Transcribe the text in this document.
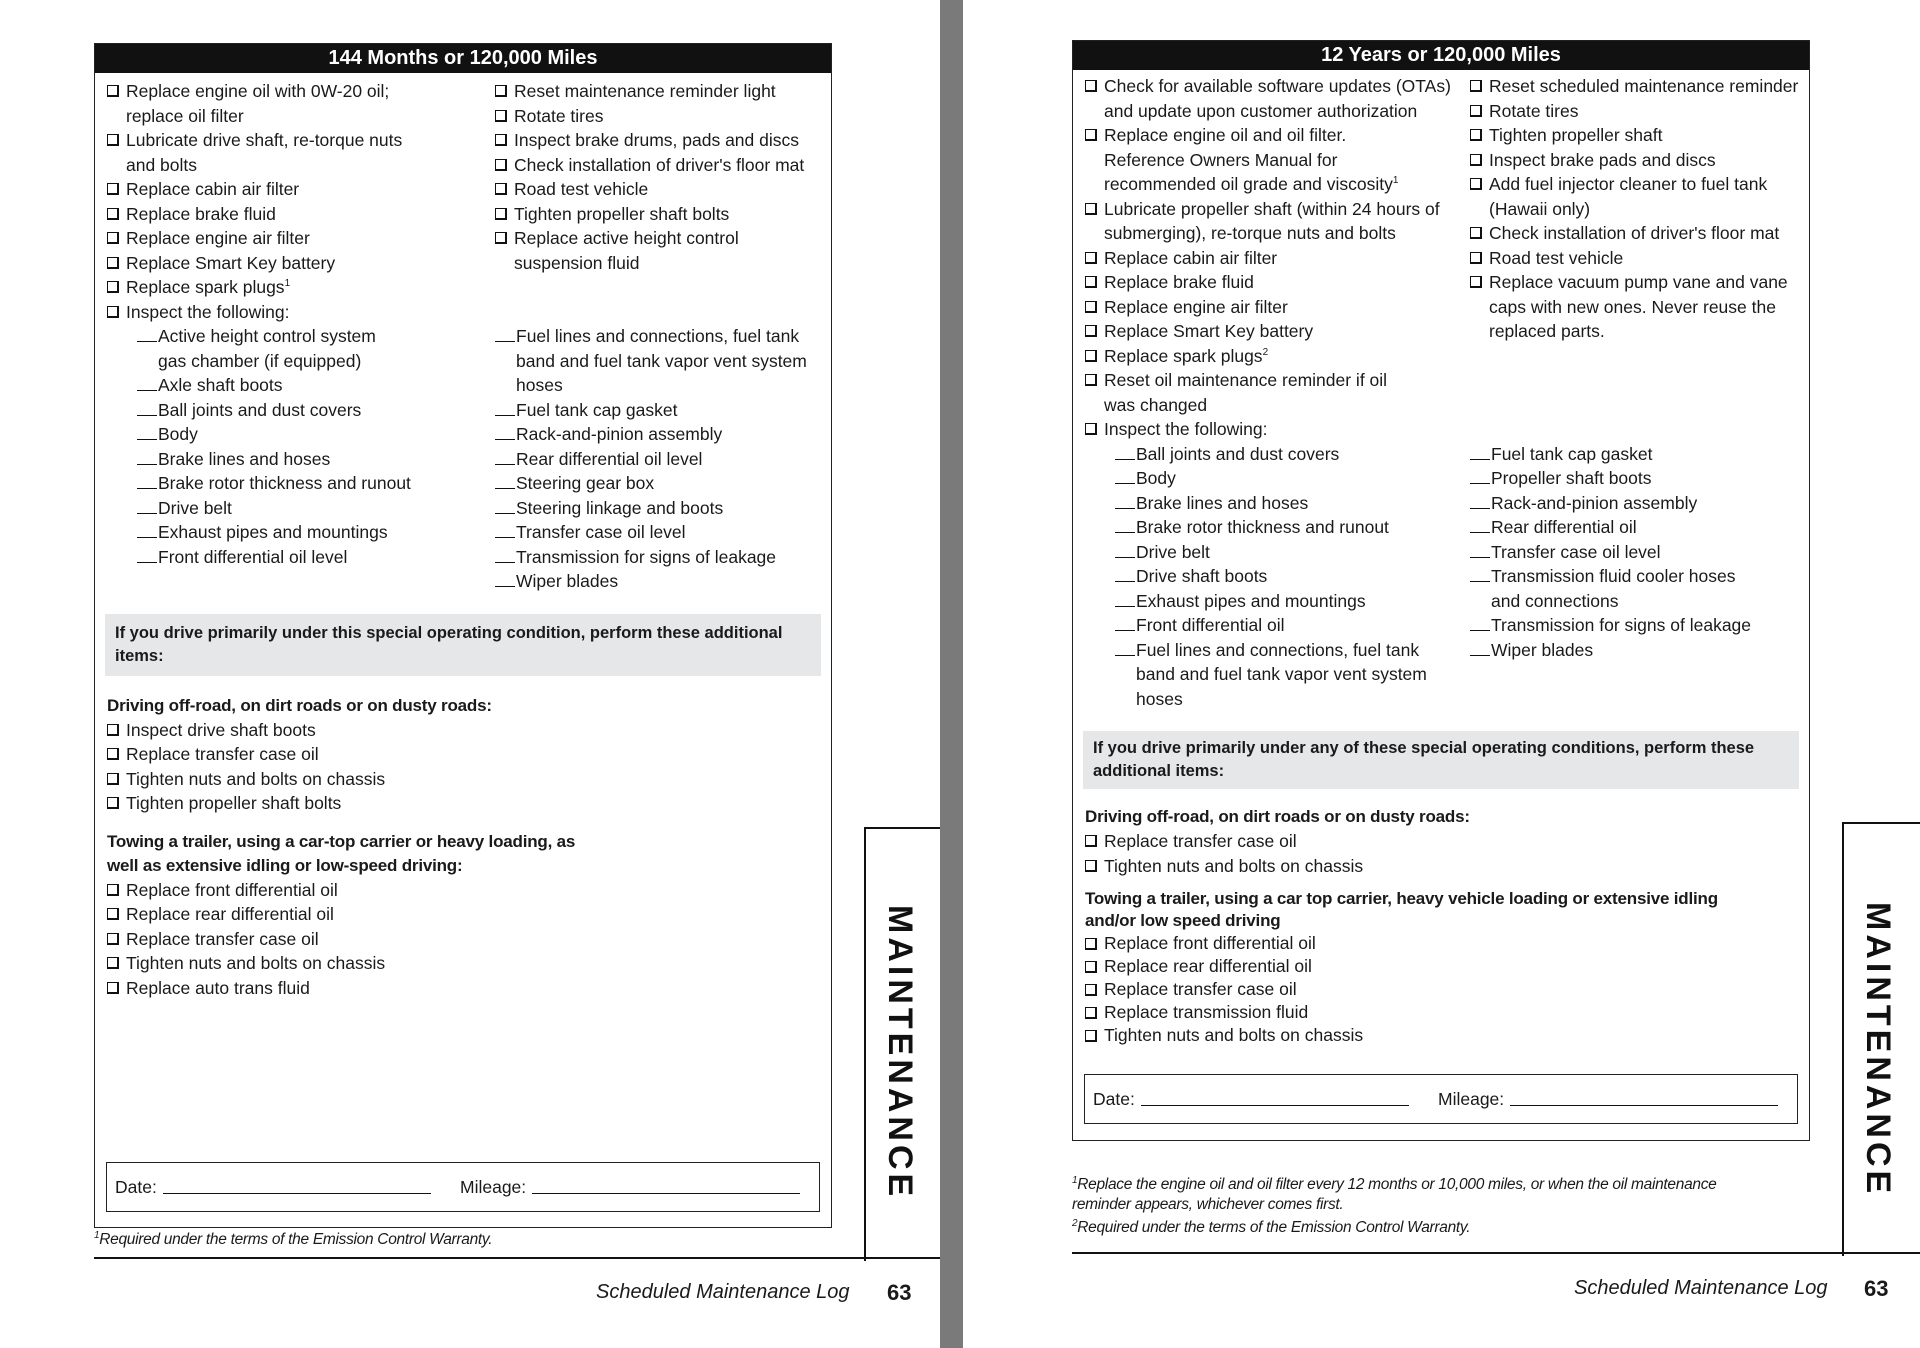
144 Months or 120,000 Miles
Replace engine oil with 0W-20 oil; replace oil filter
Lubricate drive shaft, re-torque nuts and bolts
Replace cabin air filter
Replace brake fluid
Replace engine air filter
Replace Smart Key battery
Replace spark plugs$^1$
Inspect the following:
Reset maintenance reminder light
Rotate tires
Inspect brake drums, pads and discs
Check installation of driver's floor mat
Road test vehicle
Tighten propeller shaft bolts
Replace active height control suspension fluid
Active height control system gas chamber (if equipped)
Axle shaft boots
Ball joints and dust covers
Body
Brake lines and hoses
Brake rotor thickness and runout
Drive belt
Exhaust pipes and mountings
Front differential oil level
Fuel lines and connections, fuel tank band and fuel tank vapor vent system hoses
Fuel tank cap gasket
Rack-and-pinion assembly
Rear differential oil level
Steering gear box
Steering linkage and boots
Transfer case oil level
Transmission for signs of leakage
Wiper blades
If you drive primarily under this special operating condition, perform these additional items:
Driving off-road, on dirt roads or on dusty roads:
Inspect drive shaft boots
Replace transfer case oil
Tighten nuts and bolts on chassis
Tighten propeller shaft bolts
Towing a trailer, using a car-top carrier or heavy loading, as well as extensive idling or low-speed driving:
Replace front differential oil
Replace rear differential oil
Replace transfer case oil
Tighten nuts and bolts on chassis
Replace auto trans fluid
Date:	Mileage:
$^1$Required under the terms of the Emission Control Warranty.
MAINTENANCE
Scheduled Maintenance Log 63
12 Years or 120,000 Miles
Check for available software updates (OTAs) and update upon customer authorization
Replace engine oil and oil filter. Reference Owners Manual for recommended oil grade and viscosity$^1$
Lubricate propeller shaft (within 24 hours of submerging), re-torque nuts and bolts
Replace cabin air filter
Replace brake fluid
Replace engine air filter
Replace Smart Key battery
Replace spark plugs$^2$
Reset oil maintenance reminder if oil was changed
Inspect the following:
Reset scheduled maintenance reminder
Rotate tires
Tighten propeller shaft
Inspect brake pads and discs
Add fuel injector cleaner to fuel tank (Hawaii only)
Check installation of driver's floor mat
Road test vehicle
Replace vacuum pump vane and vane caps with new ones. Never reuse the replaced parts.
Ball joints and dust covers
Body
Brake lines and hoses
Brake rotor thickness and runout
Drive belt
Drive shaft boots
Exhaust pipes and mountings
Front differential oil
Fuel lines and connections, fuel tank band and fuel tank vapor vent system hoses
Fuel tank cap gasket
Propeller shaft boots
Rack-and-pinion assembly
Rear differential oil
Transfer case oil level
Transmission fluid cooler hoses and connections
Transmission for signs of leakage
Wiper blades
If you drive primarily under any of these special operating conditions, perform these additional items:
Driving off-road, on dirt roads or on dusty roads:
Replace transfer case oil
Tighten nuts and bolts on chassis
Towing a trailer, using a car top carrier, heavy vehicle loading or extensive idling and/or low speed driving
Replace front differential oil
Replace rear differential oil
Replace transfer case oil
Replace transmission fluid
Tighten nuts and bolts on chassis
Date:	Mileage:
$^1$Replace the engine oil and oil filter every 12 months or 10,000 miles, or when the oil maintenance reminder appears, whichever comes first.
$^2$Required under the terms of the Emission Control Warranty.
MAINTENANCE
Scheduled Maintenance Log 63
